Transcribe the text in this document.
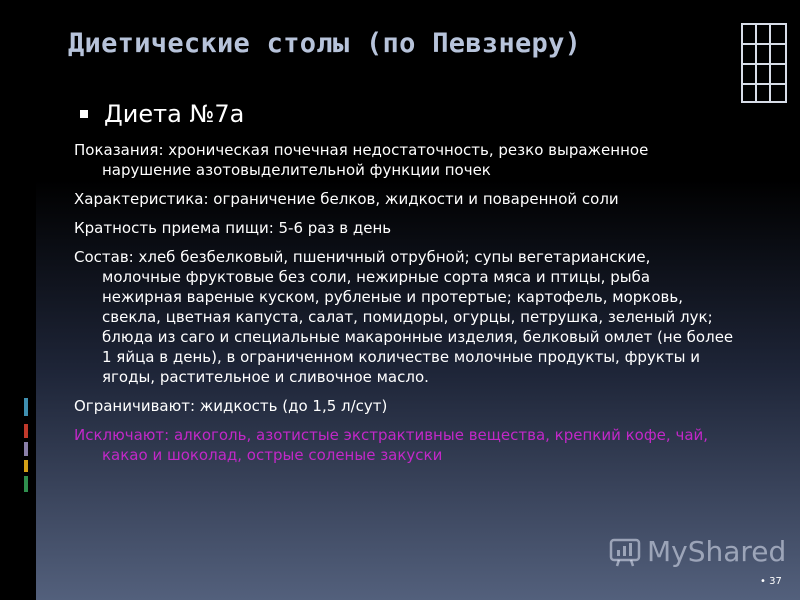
Диетические столы (по Певзнеру)
Диета №7а

Показания: хроническая почечная недостаточность, резко выраженное нарушение азотовыделительной функции почек

Характеристика: ограничение белков, жидкости и поваренной соли

Кратность приема пищи: 5-6 раз в день

Состав: хлеб безбелковый, пшеничный отрубной; супы вегетарианские, молочные фруктовые без соли, нежирные сорта мяса и птицы, рыба нежирная вареные куском, рубленые и протертые; картофель, морковь, свекла, цветная капуста, салат, помидоры, огурцы, петрушка, зеленый лук; блюда из саго и специальные макаронные изделия, белковый омлет (не более 1 яйца в день), в ограниченном количестве молочные продукты, фрукты и ягоды, растительное и сливочное масло.

Ограничивают: жидкость (до 1,5 л/сут)

Исключают: алкоголь, азотистые экстрактивные вещества, крепкий кофе, чай, какао и шоколад, острые соленые закуски

MyShared
• 37
